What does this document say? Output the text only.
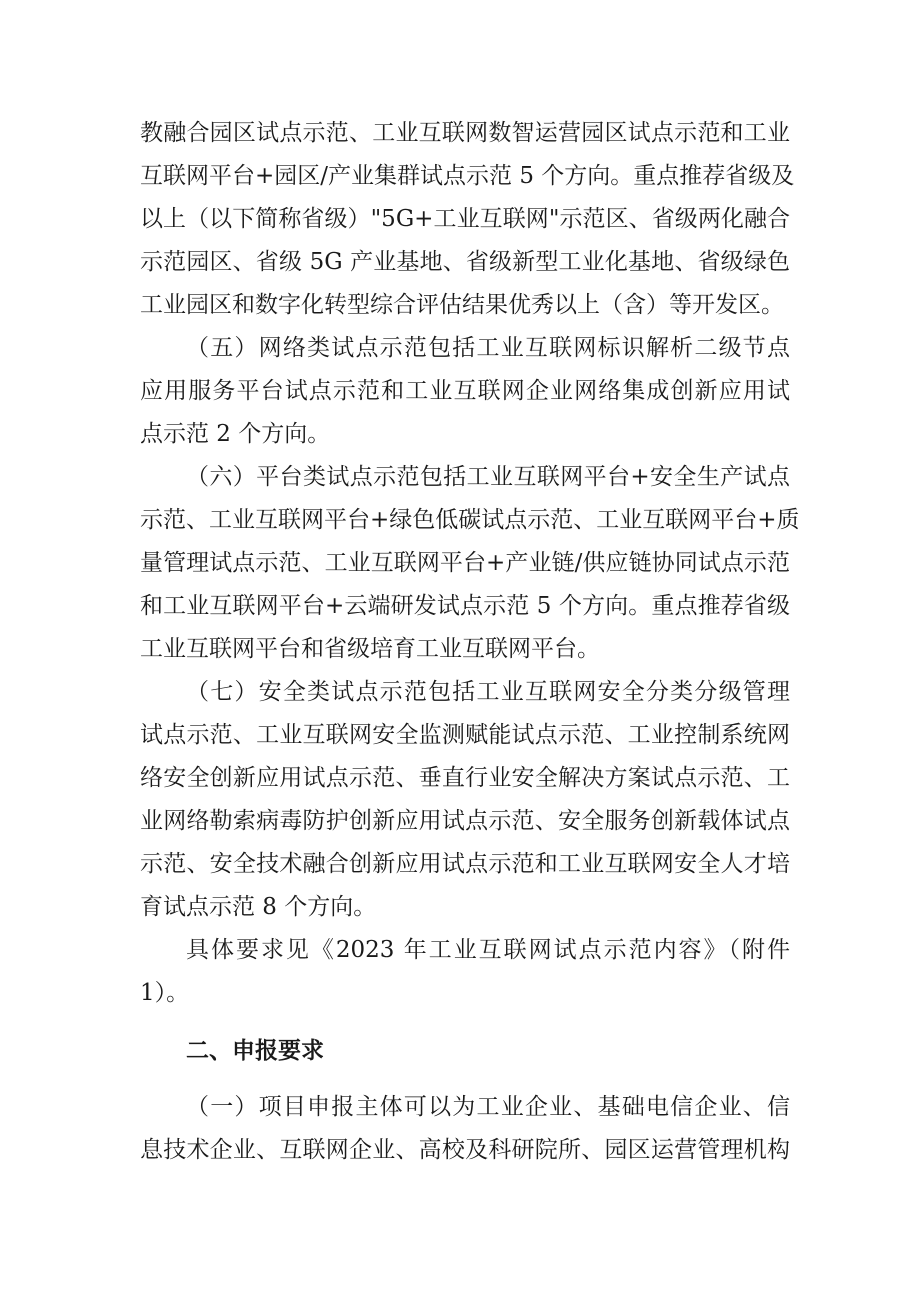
教融合园区试点示范、工业互联网数智运营园区试点示范和工业
互联网平台+园区/产业集群试点示范 5 个方向。重点推荐省级及
以上（以下简称省级）"5G+工业互联网"示范区、省级两化融合
示范园区、省级 5G 产业基地、省级新型工业化基地、省级绿色
工业园区和数字化转型综合评估结果优秀以上（含）等开发区。
（五）网络类试点示范包括工业互联网标识解析二级节点
应用服务平台试点示范和工业互联网企业网络集成创新应用试
点示范 2 个方向。
（六）平台类试点示范包括工业互联网平台+安全生产试点
示范、工业互联网平台+绿色低碳试点示范、工业互联网平台+质
量管理试点示范、工业互联网平台+产业链/供应链协同试点示范
和工业互联网平台+云端研发试点示范 5 个方向。重点推荐省级
工业互联网平台和省级培育工业互联网平台。
（七）安全类试点示范包括工业互联网安全分类分级管理
试点示范、工业互联网安全监测赋能试点示范、工业控制系统网
络安全创新应用试点示范、垂直行业安全解决方案试点示范、工
业网络勒索病毒防护创新应用试点示范、安全服务创新载体试点
示范、安全技术融合创新应用试点示范和工业互联网安全人才培
育试点示范 8 个方向。
具体要求见《2023 年工业互联网试点示范内容》（附件
1）。
二、申报要求
（一）项目申报主体可以为工业企业、基础电信企业、信
息技术企业、互联网企业、高校及科研院所、园区运营管理机构
